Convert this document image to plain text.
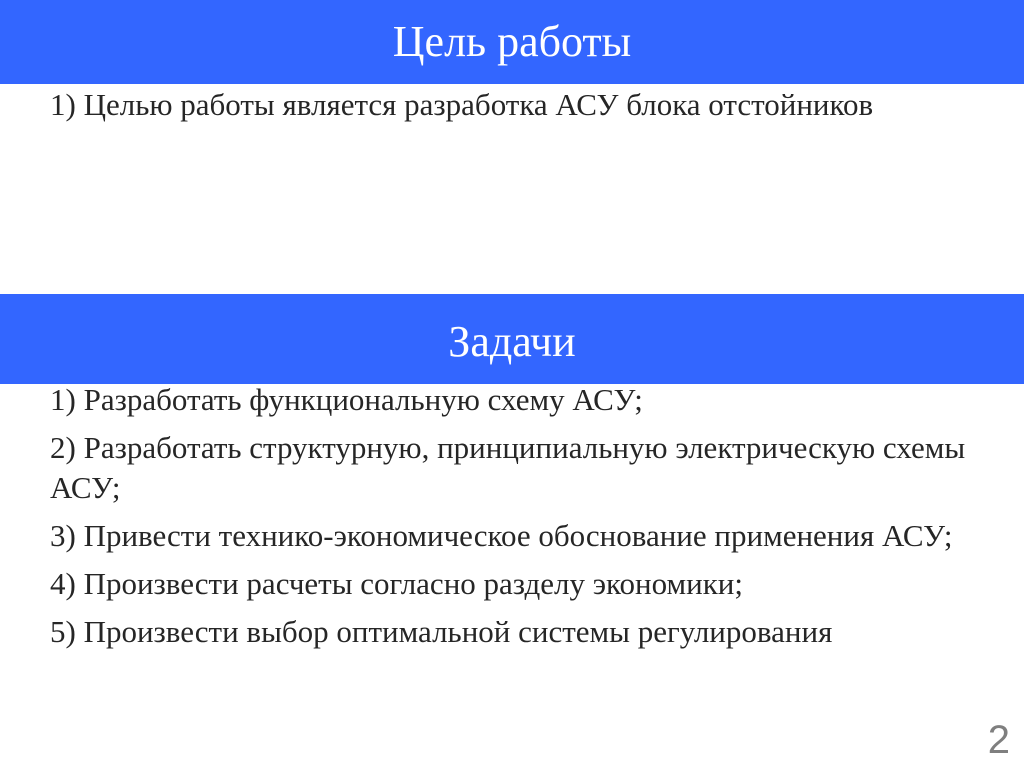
Цель работы
1) Целью работы является разработка АСУ блока отстойников
Задачи
1) Разработать функциональную схему АСУ;
2) Разработать структурную, принципиальную электрическую схемы АСУ;
3) Привести технико-экономическое обоснование применения АСУ;
4) Произвести расчеты согласно разделу экономики;
5) Произвести выбор оптимальной системы регулирования
2
